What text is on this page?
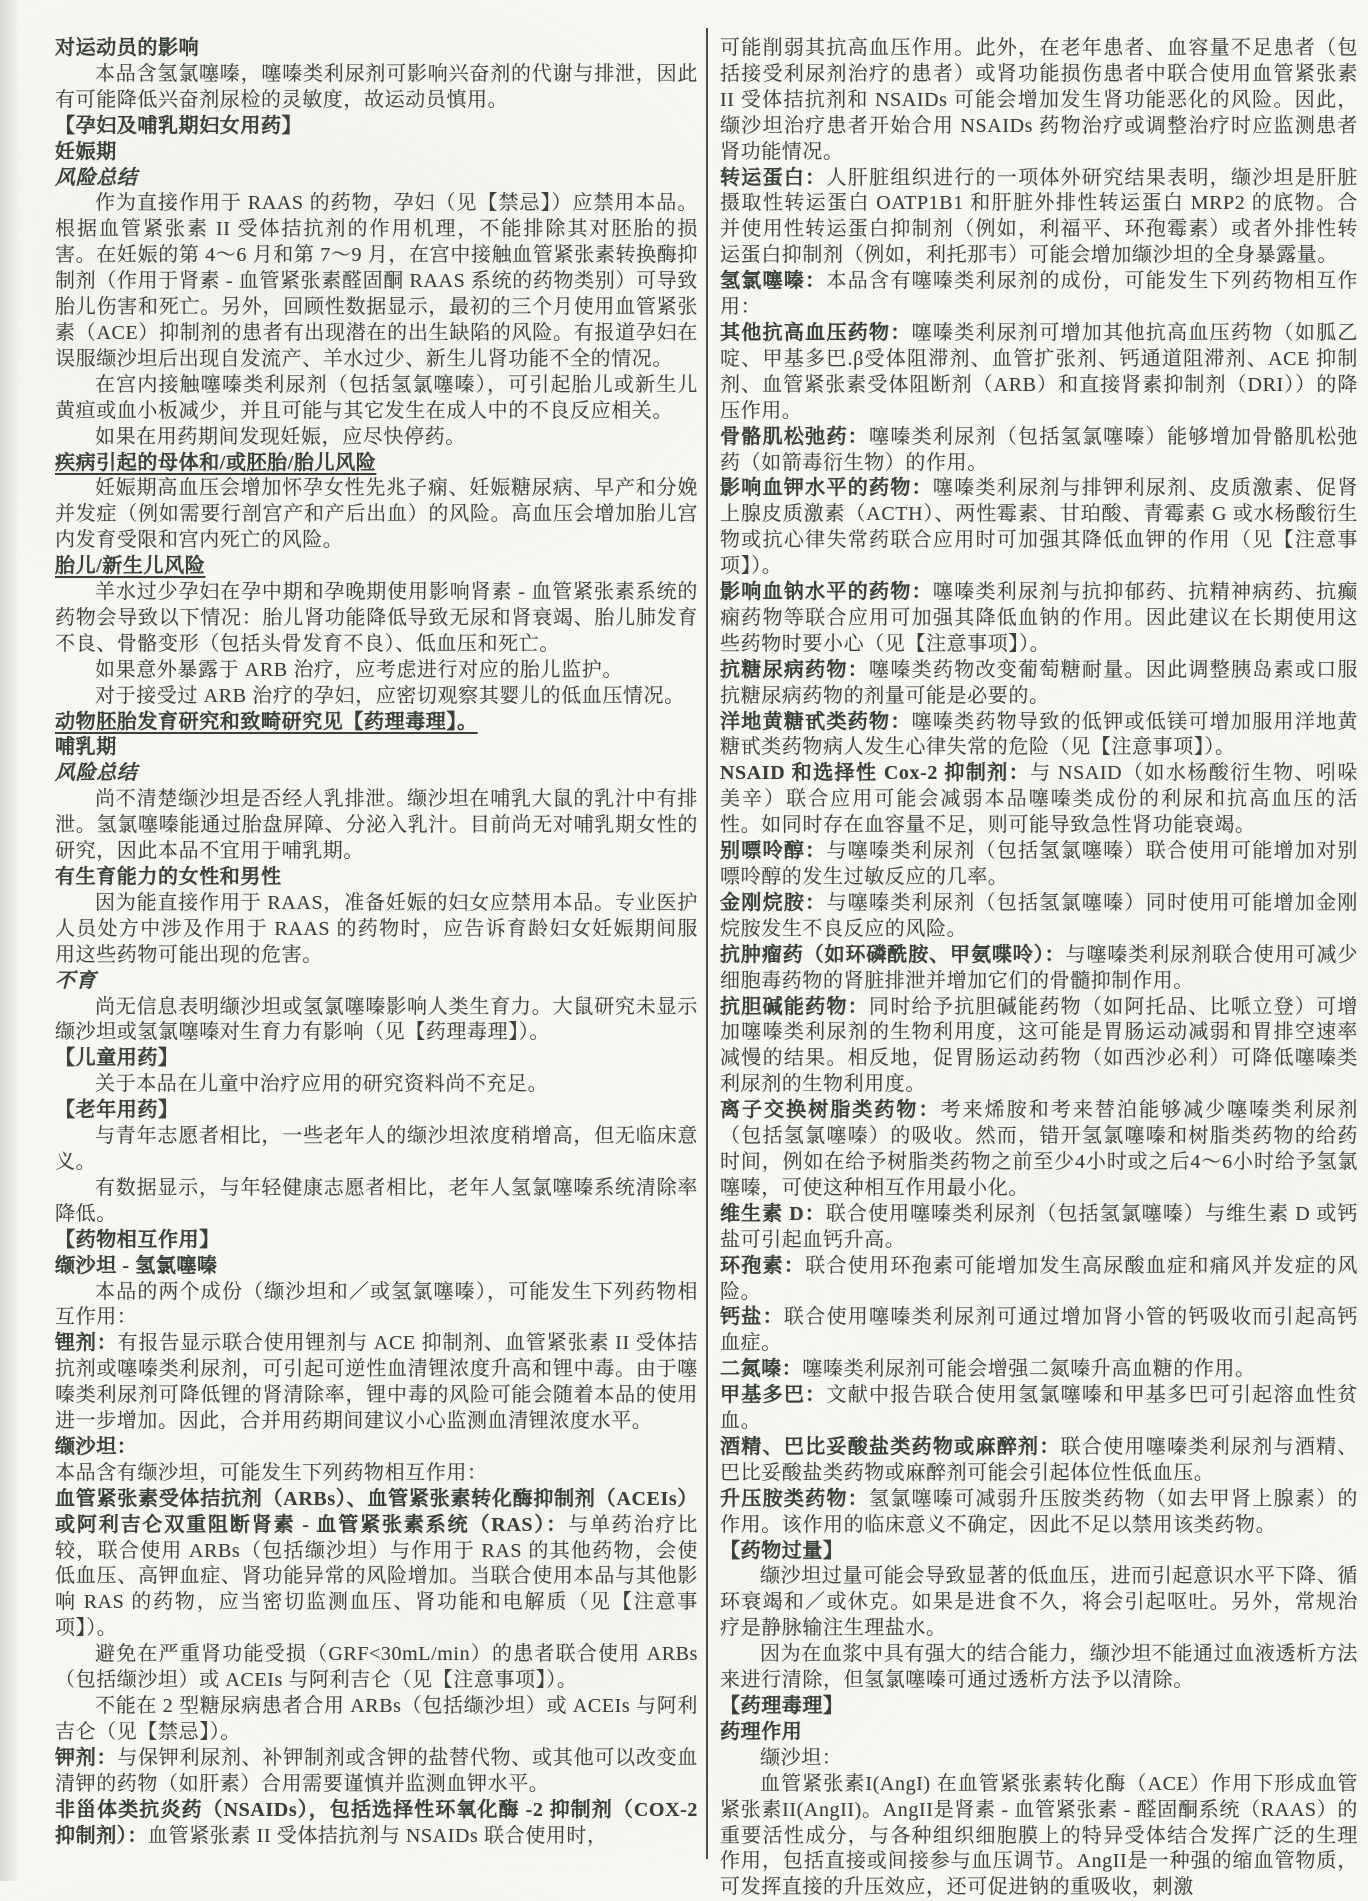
对运动员的影响
本品含氢氯噻嗪，噻嗪类利尿剂可影响兴奋剂的代谢与排泄，因此有可能降低兴奋剂尿检的灵敏度，故运动员慎用。
【孕妇及哺乳期妇女用药】
妊娠期
风险总结
作为直接作用于 RAAS 的药物，孕妇（见【禁忌】）应禁用本品。根据血管紧张素 II 受体拮抗剂的作用机理，不能排除其对胚胎的损害。在妊娠的第 4～6 月和第 7～9 月，在宫中接触血管紧张素转换酶抑制剂（作用于肾素 - 血管紧张素醛固酮 RAAS 系统的药物类别）可导致胎儿伤害和死亡。另外，回顾性数据显示，最初的三个月使用血管紧张素（ACE）抑制剂的患者有出现潜在的出生缺陷的风险。有报道孕妇在误服缬沙坦后出现自发流产、羊水过少、新生儿肾功能不全的情况。
在宫内接触噻嗪类利尿剂（包括氢氯噻嗪），可引起胎儿或新生儿黄疸或血小板减少，并且可能与其它发生在成人中的不良反应相关。
如果在用药期间发现妊娠，应尽快停药。
疾病引起的母体和/或胚胎/胎儿风险
妊娠期高血压会增加怀孕女性先兆子痫、妊娠糖尿病、早产和分娩并发症（例如需要行剖宫产和产后出血）的风险。高血压会增加胎儿宫内发育受限和宫内死亡的风险。
胎儿/新生儿风险
羊水过少孕妇在孕中期和孕晚期使用影响肾素 - 血管紧张素系统的药物会导致以下情况：胎儿肾功能降低导致无尿和肾衰竭、胎儿肺发育不良、骨骼变形（包括头骨发育不良）、低血压和死亡。
如果意外暴露于 ARB 治疗，应考虑进行对应的胎儿监护。
对于接受过 ARB 治疗的孕妇，应密切观察其婴儿的低血压情况。
动物胚胎发育研究和致畸研究见【药理毒理】。
哺乳期
风险总结
尚不清楚缬沙坦是否经人乳排泄。缬沙坦在哺乳大鼠的乳汁中有排泄。氢氯噻嗪能通过胎盘屏障、分泌入乳汁。目前尚无对哺乳期女性的研究，因此本品不宜用于哺乳期。
有生育能力的女性和男性
因为能直接作用于 RAAS，准备妊娠的妇女应禁用本品。专业医护人员处方中涉及作用于 RAAS 的药物时，应告诉育龄妇女妊娠期间服用这些药物可能出现的危害。
不育
尚无信息表明缬沙坦或氢氯噻嗪影响人类生育力。大鼠研究未显示缬沙坦或氢氯噻嗪对生育力有影响（见【药理毒理】）。
【儿童用药】
关于本品在儿童中治疗应用的研究资料尚不充足。
【老年用药】
与青年志愿者相比，一些老年人的缬沙坦浓度稍增高，但无临床意义。
有数据显示，与年轻健康志愿者相比，老年人氢氯噻嗪系统清除率降低。
【药物相互作用】
缬沙坦 - 氢氯噻嗪
本品的两个成份（缬沙坦和／或氢氯噻嗪），可能发生下列药物相互作用：
锂剂：有报告显示联合使用锂剂与 ACE 抑制剂、血管紧张素 II 受体拮抗剂或噻嗪类利尿剂，可引起可逆性血清锂浓度升高和锂中毒。由于噻嗪类利尿剂可降低锂的肾清除率，锂中毒的风险可能会随着本品的使用进一步增加。因此，合并用药期间建议小心监测血清锂浓度水平。
缬沙坦：
本品含有缬沙坦，可能发生下列药物相互作用：
血管紧张素受体拮抗剂（ARBs）、血管紧张素转化酶抑制剂（ACEIs）或阿利吉仑双重阻断肾素 - 血管紧张素系统（RAS）：与单药治疗比较，联合使用 ARBs（包括缬沙坦）与作用于 RAS 的其他药物，会使低血压、高钾血症、肾功能异常的风险增加。当联合使用本品与其他影响 RAS 的药物，应当密切监测血压、肾功能和电解质（见【注意事项】）。
避免在严重肾功能受损（GRF<30mL/min）的患者联合使用 ARBs（包括缬沙坦）或 ACEIs 与阿利吉仑（见【注意事项】）。
不能在 2 型糖尿病患者合用 ARBs（包括缬沙坦）或 ACEIs 与阿利吉仑（见【禁忌】）。
钾剂：与保钾利尿剂、补钾制剂或含钾的盐替代物、或其他可以改变血清钾的药物（如肝素）合用需要谨慎并监测血钾水平。
非甾体类抗炎药（NSAIDs），包括选择性环氧化酶 -2 抑制剂（COX-2 抑制剂）：血管紧张素 II 受体拮抗剂与 NSAIDs 联合使用时，
可能削弱其抗高血压作用。此外，在老年患者、血容量不足患者（包括接受利尿剂治疗的患者）或肾功能损伤患者中联合使用血管紧张素 II 受体拮抗剂和 NSAIDs 可能会增加发生肾功能恶化的风险。因此，缬沙坦治疗患者开始合用 NSAIDs 药物治疗或调整治疗时应监测患者肾功能情况。
转运蛋白：人肝脏组织进行的一项体外研究结果表明，缬沙坦是肝脏摄取性转运蛋白 OATP1B1 和肝脏外排性转运蛋白 MRP2 的底物。合并使用性转运蛋白抑制剂（例如，利福平、环孢霉素）或者外排性转运蛋白抑制剂（例如，利托那韦）可能会增加缬沙坦的全身暴露量。
氢氯噻嗪：本品含有噻嗪类利尿剂的成份，可能发生下列药物相互作用：
其他抗高血压药物：噻嗪类利尿剂可增加其他抗高血压药物（如胍乙啶、甲基多巴.β受体阻滞剂、血管扩张剂、钙通道阻滞剂、ACE 抑制剂、血管紧张素受体阻断剂（ARB）和直接肾素抑制剂（DRI））的降压作用。
骨骼肌松弛药：噻嗪类利尿剂（包括氢氯噻嗪）能够增加骨骼肌松弛药（如箭毒衍生物）的作用。
影响血钾水平的药物：噻嗪类利尿剂与排钾利尿剂、皮质激素、促肾上腺皮质激素（ACTH）、两性霉素、甘珀酸、青霉素 G 或水杨酸衍生物或抗心律失常药联合应用时可加强其降低血钾的作用（见【注意事项】）。
影响血钠水平的药物：噻嗪类利尿剂与抗抑郁药、抗精神病药、抗癫痫药物等联合应用可加强其降低血钠的作用。因此建议在长期使用这些药物时要小心（见【注意事项】）。
抗糖尿病药物：噻嗪类药物改变葡萄糖耐量。因此调整胰岛素或口服抗糖尿病药物的剂量可能是必要的。
洋地黄糖甙类药物：噻嗪类药物导致的低钾或低镁可增加服用洋地黄糖甙类药物病人发生心律失常的危险（见【注意事项】）。
NSAID 和选择性 Cox-2 抑制剂：与 NSAID（如水杨酸衍生物、吲哚美辛）联合应用可能会减弱本品噻嗪类成份的利尿和抗高血压的活性。如同时存在血容量不足，则可能导致急性肾功能衰竭。
别嘌呤醇：与噻嗪类利尿剂（包括氢氯噻嗪）联合使用可能增加对别嘌呤醇的发生过敏反应的几率。
金刚烷胺：与噻嗪类利尿剂（包括氢氯噻嗪）同时使用可能增加金刚烷胺发生不良反应的风险。
抗肿瘤药（如环磷酰胺、甲氨喋呤）：与噻嗪类利尿剂联合使用可减少细胞毒药物的肾脏排泄并增加它们的骨髓抑制作用。
抗胆碱能药物：同时给予抗胆碱能药物（如阿托品、比哌立登）可增加噻嗪类利尿剂的生物利用度，这可能是胃肠运动减弱和胃排空速率减慢的结果。相反地，促胃肠运动药物（如西沙必利）可降低噻嗪类利尿剂的生物利用度。
离子交换树脂类药物：考来烯胺和考来替泊能够减少噻嗪类利尿剂（包括氢氯噻嗪）的吸收。然而，错开氢氯噻嗪和树脂类药物的给药时间，例如在给予树脂类药物之前至少4小时或之后4～6小时给予氢氯噻嗪，可使这种相互作用最小化。
维生素 D：联合使用噻嗪类利尿剂（包括氢氯噻嗪）与维生素 D 或钙盐可引起血钙升高。
环孢素：联合使用环孢素可能增加发生高尿酸血症和痛风并发症的风险。
钙盐：联合使用噻嗪类利尿剂可通过增加肾小管的钙吸收而引起高钙血症。
二氮嗪：噻嗪类利尿剂可能会增强二氮嗪升高血糖的作用。
甲基多巴：文献中报告联合使用氢氯噻嗪和甲基多巴可引起溶血性贫血。
酒精、巴比妥酸盐类药物或麻醉剂：联合使用噻嗪类利尿剂与酒精、巴比妥酸盐类药物或麻醉剂可能会引起体位性低血压。
升压胺类药物：氢氯噻嗪可减弱升压胺类药物（如去甲肾上腺素）的作用。该作用的临床意义不确定，因此不足以禁用该类药物。
【药物过量】
缬沙坦过量可能会导致显著的低血压，进而引起意识水平下降、循环衰竭和／或休克。如果是进食不久，将会引起呕吐。另外，常规治疗是静脉输注生理盐水。
因为在血浆中具有强大的结合能力，缬沙坦不能通过血液透析方法来进行清除，但氢氯噻嗪可通过透析方法予以清除。
【药理毒理】
药理作用
缬沙坦：
血管紧张素I(AngI) 在血管紧张素转化酶（ACE）作用下形成血管紧张素II(AngII)。AngII是肾素 - 血管紧张素 - 醛固酮系统（RAAS）的重要活性成分，与各种组织细胞膜上的特异受体结合发挥广泛的生理作用，包括直接或间接参与血压调节。AngII是一种强的缩血管物质，可发挥直接的升压效应，还可促进钠的重吸收，刺激
